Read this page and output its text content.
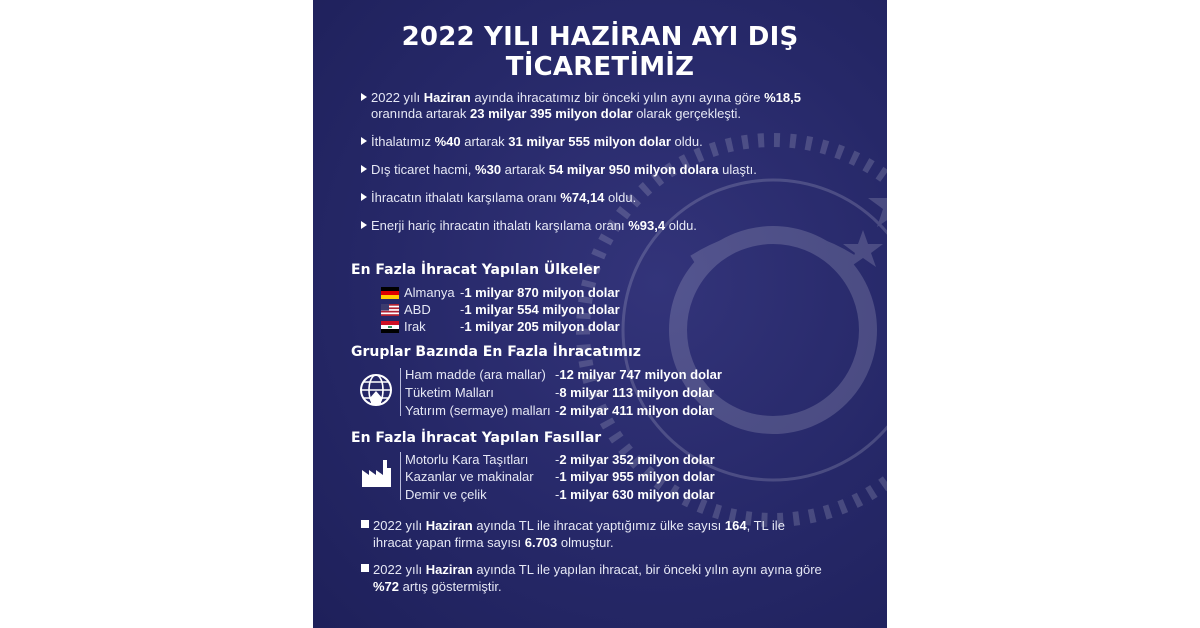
2022 YILI HAZİRAN AYI DIŞ TİCARETİMİZ
2022 yılı Haziran ayında ihracatımız bir önceki yılın aynı ayına göre %18,5
oranında artarak 23 milyar 395 milyon dolar olarak gerçekleşti.
İthalatımız %40 artarak 31 milyar 555 milyon dolar oldu.
Dış ticaret hacmi, %30 artarak 54 milyar 950 milyon dolara ulaştı.
İhracatın ithalatı karşılama oranı %74,14 oldu.
Enerji hariç ihracatın ithalatı karşılama oranı %93,4 oldu.
En Fazla İhracat Yapılan Ülkeler
Almanya -1 milyar 870 milyon dolar
ABD -1 milyar 554 milyon dolar
Irak	-1 milyar 205 milyon dolar
Gruplar Bazında En Fazla İhracatımız
Ham madde (ara mallar) -12 milyar 747 milyon dolar
Tüketim Malları	-8 milyar 113 milyon dolar
Yatırım (sermaye) malları -2 milyar 411 milyon dolar
En Fazla İhracat Yapılan Fasıllar
Motorlu Kara Taşıtları -2 milyar 352 milyon dolar
Kazanlar ve makinalar -1 milyar 955 milyon dolar
Demir ve çelik	-1 milyar 630 milyon dolar
2022 yılı Haziran ayında TL ile ihracat yaptığımız ülke sayısı 164, TL ile ihracat yapan firma sayısı 6.703 olmuştur.
2022 yılı Haziran ayında TL ile yapılan ihracat, bir önceki yılın aynı ayına göre %72 artış göstermiştir.
